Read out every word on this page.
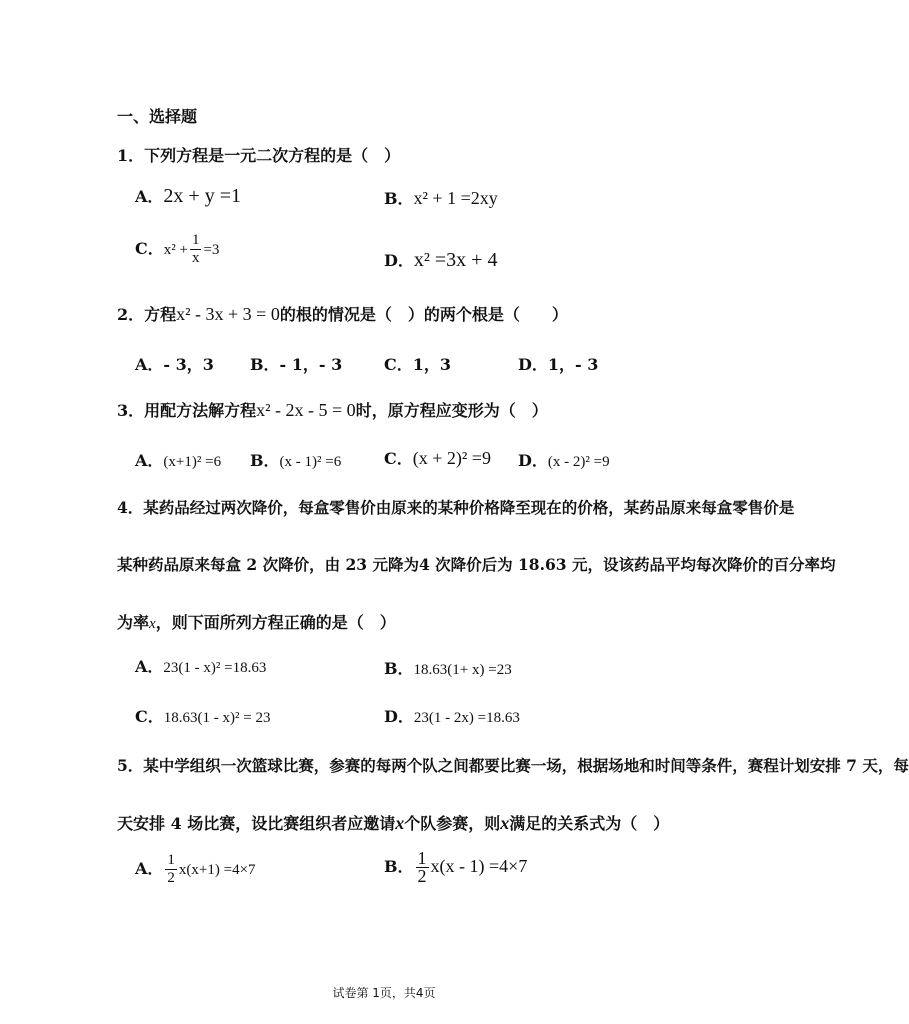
一、选择题
1．下列方程是一元二次方程的是（　）
A．2x + y =1	B．x² + 1 =2xy
C．$x^2 + \frac{1}{x} =3$
D．x² =3x + 4
2．方程x² - 3x + 3 = 0的根的情况是（　）的两个根是（　　）
A．- 3，3 B．- 1，- 3	C．1，3	D．1，- 3
3．用配方法解方程x² - 2x - 5 = 0时，原方程应变形为（　）
A．(x+1)² =6 B．(x - 1)² =6	C．(x + 2)² =9 D．(x - 2)² =9
4．某药品经过两次降价，每盒零售价由原来的某种价格降至现在的价格，某药品原来每盒零售价是
某种药品原来每盒 2 次降价，由 23 元降为4 次降价后为 18.63 元，设该药品平均每次降价的百分率均
为率x，则下面所列方程正确的是（　）
A．23(1 - x)² =18.63	B．18.63(1+ x) =23
C．18.63(1 - x)² = 23	D．23(1 - 2x) =18.63
5．某中学组织一次篮球比赛，参赛的每两个队之间都要比赛一场，根据场地和时间等条件，赛程计划安排 7 天，每
天安排 4 场比赛，设比赛组织者应邀请x个队参赛，则x满足的关系式为（　）
A． $\frac{1}{2} x(x+1) =4\times 7$	B． $\frac{1}{2} x(x - 1) =4\times 7$
试卷第 1页，共4页
